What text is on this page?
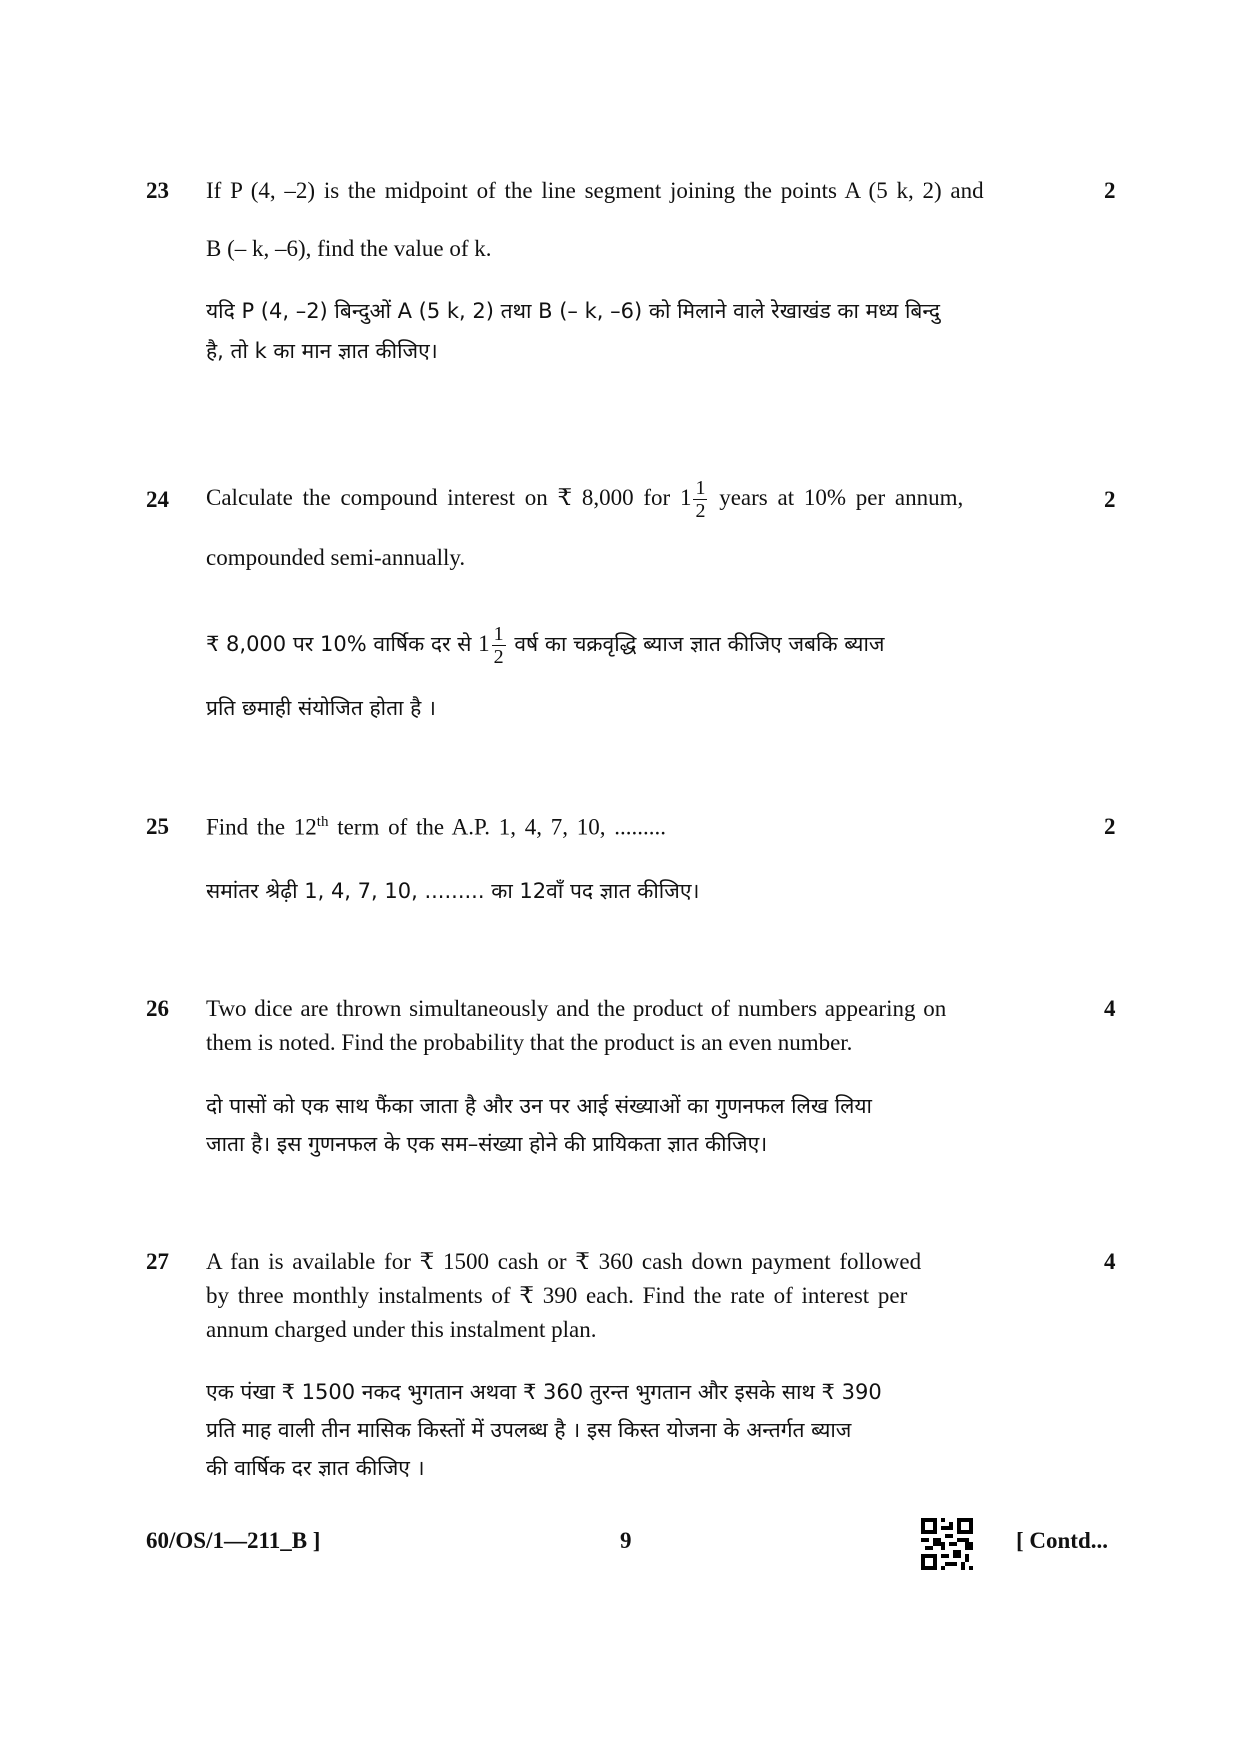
23	2
If P (4, –2) is the midpoint of the line segment joining the points A (5 k, 2) and
B (– k, –6), find the value of k.
यदि P (4, –2) बिन्दुओं A (5 k, 2) तथा B (– k, –6) को मिलाने वाले रेखाखंड का मध्य बिन्दु
है, तो k का मान ज्ञात कीजिए।
24	2
Calculate the compound interest on ₹ 8,000 for $1 \frac{1}{2}$ years at 10% per annum,
compounded semi-annually.
₹ 8,000 पर 10% वार्षिक दर से $1 \frac{1}{2}$ वर्ष का चक्रवृद्धि ब्याज ज्ञात कीजिए जबकि ब्याज
प्रति छमाही संयोजित होता है ।
25	2
Find the 12th term of the A.P. 1, 4, 7, 10, .........
समांतर श्रेढ़ी 1, 4, 7, 10, ......... का 12वाँ पद ज्ञात कीजिए।
26	4
Two dice are thrown simultaneously and the product of numbers appearing on
them is noted. Find the probability that the product is an even number.
दो पासों को एक साथ फैंका जाता है और उन पर आई संख्याओं का गुणनफल लिख लिया
जाता है। इस गुणनफल के एक सम–संख्या होने की प्रायिकता ज्ञात कीजिए।
27	4
A fan is available for ₹ 1500 cash or ₹ 360 cash down payment followed
by three monthly instalments of ₹ 390 each. Find the rate of interest per
annum charged under this instalment plan.
एक पंखा ₹ 1500 नकद भुगतान अथवा ₹ 360 तुरन्त भुगतान और इसके साथ ₹ 390
प्रति माह वाली तीन मासिक किस्तों में उपलब्ध है । इस किस्त योजना के अन्तर्गत ब्याज
की वार्षिक दर ज्ञात कीजिए ।
60/OS/1—211_B ]	9	[ Contd...
